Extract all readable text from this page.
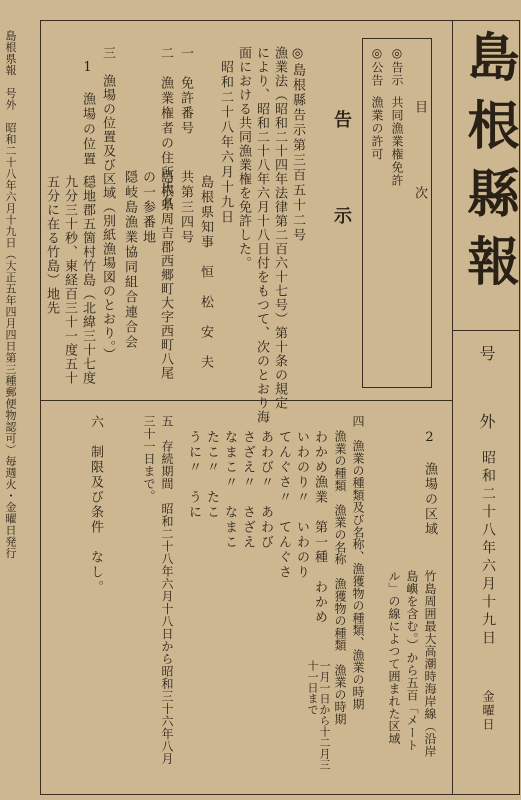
島根県報　号外　昭和二十八年六月十九日（大正五年四月四日第三種郵便物認可）毎週火・金曜日発行	島根縣報
号　外
昭和二十八年六月十九日
金曜日
目　次
◎告示
共同漁業権免許
◎公告
漁業の許可
告　示
◎島根縣告示第三百五十二号
漁業法（昭和二十四年法律第二百六十七号）第十条の規定
により、昭和二十八年六月十八日付をもつて、次のとおり海
面における共同漁業権を免許した。
昭和二十八年六月十九日
島根県知事　恒　松　安　夫
一　免許番号
共第三四号
二　漁業権者の住所氏名
島根県周吉郡西郷町大字西町八尾
の一参番地
隠岐島漁業協同組合連合会
三　漁場の位置及び区域（別紙漁場図のとおり。）
1　漁場の位置
穏地郡五箇村竹島（北緯三十七度
九分三十秒、東経百三十一度五十
五分に在る竹島）地先
2　漁場の区域
竹島周囲最大高潮時海岸線（沿岸
島嶼を含む。）から五百「メート
ル」の線によつて囲まれた区域
四　漁業の種類及び名称、漁獲物の種類、漁業の時期
漁業の種類　漁業の名称　漁獲物の種類　漁業の時期
わかめ漁業　第一種　わかめ
いわのり〃　いわのり
てんぐさ〃　てんぐさ
あわび〃　あわび
さざえ〃　さざえ
なまこ〃　なまこ
たこ〃　たこ
うに〃　うに
一月一日から十二月三十一日まで
五　存続期間　昭和二十八年六月十八日から昭和三十六年八月三十一日まで。
六　制限及び条件　なし。
